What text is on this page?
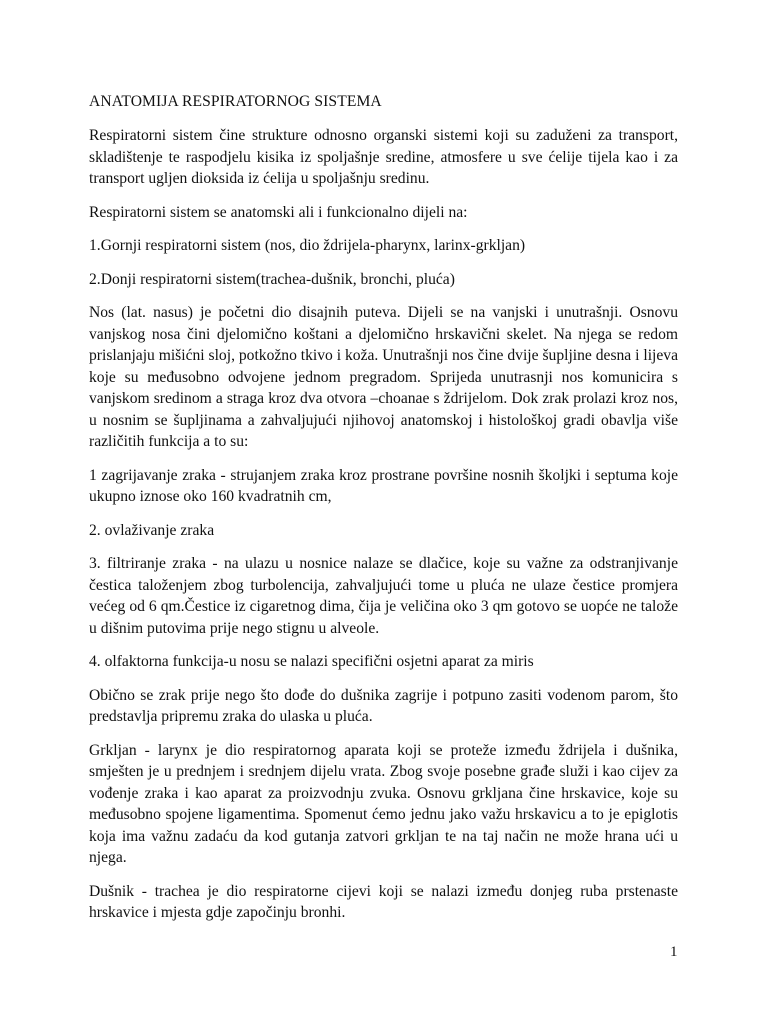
ANATOMIJA RESPIRATORNOG SISTEMA

Respiratorni sistem čine strukture odnosno organski sistemi koji su zaduženi za transport, skladištenje te raspodjelu kisika iz spoljašnje sredine, atmosfere u sve ćelije tijela kao i za transport ugljen dioksida iz ćelija u spoljašnju sredinu.

Respiratorni sistem se anatomski ali i funkcionalno dijeli na:

1.Gornji respiratorni sistem (nos, dio ždrijela-pharynx, larinx-grkljan)

2.Donji respiratorni sistem(trachea-dušnik, bronchi, pluća)

Nos (lat. nasus) je početni dio disajnih puteva. Dijeli se na vanjski i unutrašnji. Osnovu vanjskog nosa čini djelomično koštani a djelomično hrskavični skelet. Na njega se redom prislanjaju mišićni sloj, potkožno tkivo i koža. Unutrašnji nos čine dvije šupljine desna i lijeva koje su međusobno odvojene jednom pregradom. Sprijeda unutrasnji nos komunicira s vanjskom sredinom a straga kroz dva otvora –choanae s ždrijelom. Dok zrak prolazi kroz nos, u nosnim se šupljinama a zahvaljujući njihovoj anatomskoj i histološkoj gradi obavlja više različitih funkcija a to su:

1 zagrijavanje zraka - strujanjem zraka kroz prostrane površine nosnih školjki i septuma koje ukupno iznose oko 160 kvadratnih cm,

2. ovlaživanje zraka

3. filtriranje zraka - na ulazu u nosnice nalaze se dlačice, koje su važne za odstranjivanje čestica taloženjem zbog turbolencija, zahvaljujući tome u pluća ne ulaze čestice promjera većeg od 6 qm.Čestice iz cigaretnog dima, čija je veličina oko 3 qm gotovo se uopće ne talože u dišnim putovima prije nego stignu u alveole.

4. olfaktorna funkcija-u nosu se nalazi specifični osjetni aparat za miris

Obično se zrak prije nego što dođe do dušnika zagrije i potpuno zasiti vodenom parom, što predstavlja pripremu zraka do ulaska u pluća.

Grkljan - larynx je dio respiratornog aparata koji se proteže između ždrijela i dušnika, smješten je u prednjem i srednjem dijelu vrata. Zbog svoje posebne građe služi i kao cijev za vođenje zraka i kao aparat za proizvodnju zvuka. Osnovu grkljana čine hrskavice, koje su međusobno spojene ligamentima. Spomenut ćemo jednu jako važu hrskavicu a to je epiglotis koja ima važnu zadaću da kod gutanja zatvori grkljan te na taj način ne može hrana ući u njega.

Dušnik - trachea je dio respiratorne cijevi koji se nalazi između donjeg ruba prstenaste hrskavice i mjesta gdje započinju bronhi.

1
